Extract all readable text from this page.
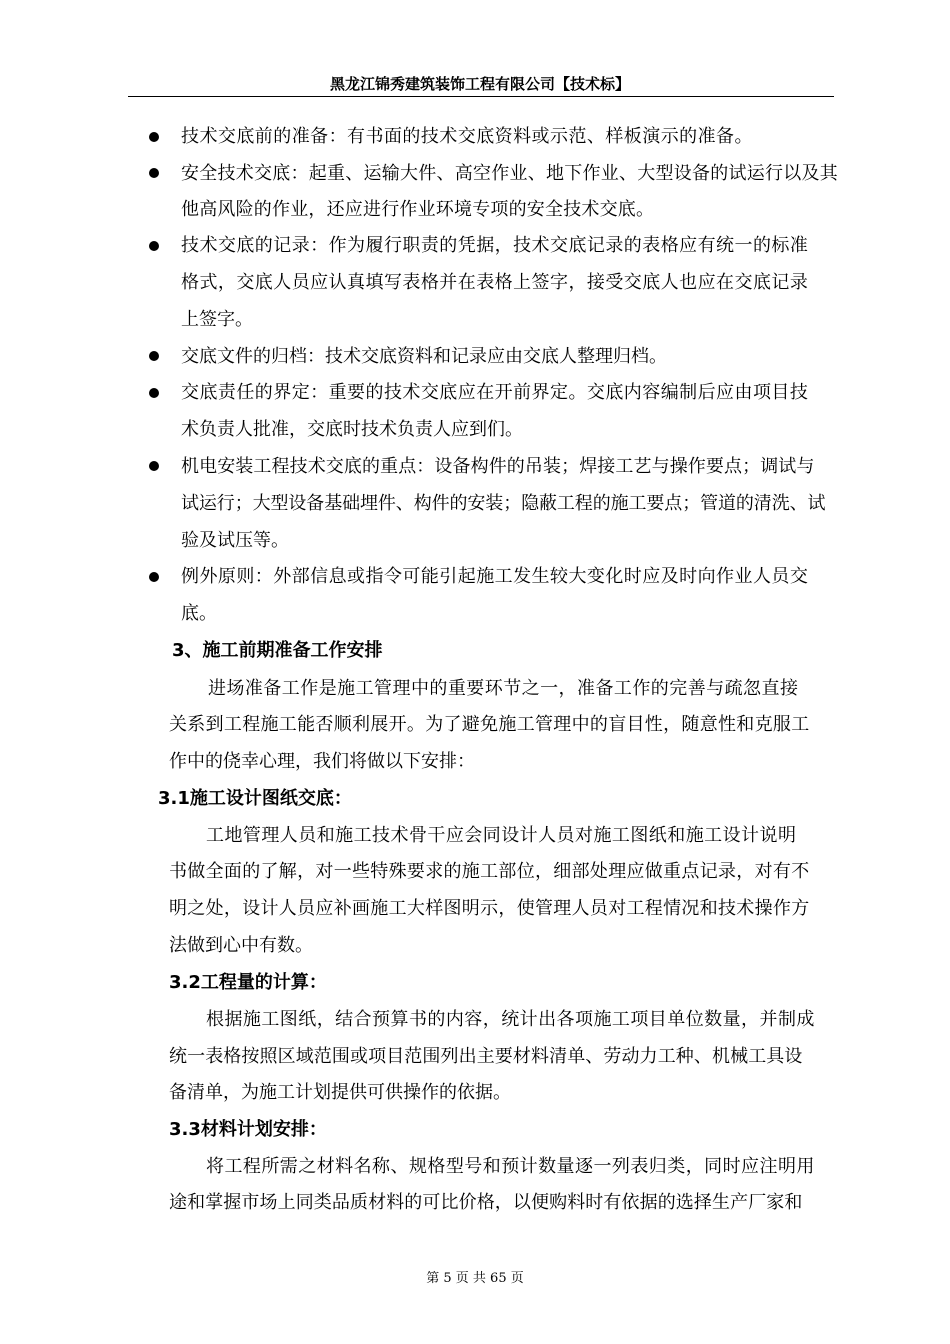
黑龙江锦秀建筑装饰工程有限公司【技术标】
技术交底前的准备：有书面的技术交底资料或示范、样板演示的准备。
安全技术交底：起重、运输大件、高空作业、地下作业、大型设备的试运行以及其
他高风险的作业，还应进行作业环境专项的安全技术交底。
技术交底的记录：作为履行职责的凭据，技术交底记录的表格应有统一的标准
格式，交底人员应认真填写表格并在表格上签字，接受交底人也应在交底记录
上签字。
交底文件的归档：技术交底资料和记录应由交底人整理归档。
交底责任的界定：重要的技术交底应在开前界定。交底内容编制后应由项目技
术负责人批准，交底时技术负责人应到们。
机电安装工程技术交底的重点：设备构件的吊装；焊接工艺与操作要点；调试与
试运行；大型设备基础埋件、构件的安装；隐蔽工程的施工要点；管道的清洗、试
验及试压等。
例外原则：外部信息或指令可能引起施工发生较大变化时应及时向作业人员交
底。
3、施工前期准备工作安排
进场准备工作是施工管理中的重要环节之一，准备工作的完善与疏忽直接
关系到工程施工能否顺利展开。为了避免施工管理中的盲目性，随意性和克服工
作中的侥幸心理，我们将做以下安排：
3.1施工设计图纸交底：
工地管理人员和施工技术骨干应会同设计人员对施工图纸和施工设计说明
书做全面的了解，对一些特殊要求的施工部位，细部处理应做重点记录，对有不
明之处，设计人员应补画施工大样图明示，使管理人员对工程情况和技术操作方
法做到心中有数。
3.2工程量的计算：
根据施工图纸，结合预算书的内容，统计出各项施工项目单位数量，并制成
统一表格按照区域范围或项目范围列出主要材料清单、劳动力工种、机械工具设
备清单，为施工计划提供可供操作的依据。
3.3材料计划安排：
将工程所需之材料名称、规格型号和预计数量逐一列表归类，同时应注明用
途和掌握市场上同类品质材料的可比价格，以便购料时有依据的选择生产厂家和
第 5 页 共 65 页
